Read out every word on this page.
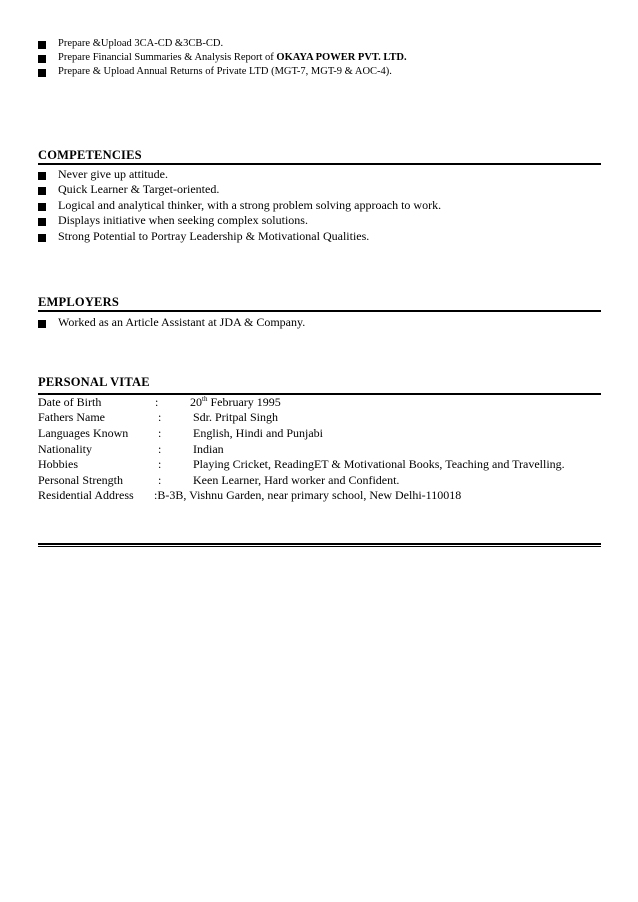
Prepare &Upload 3CA-CD &3CB-CD.
Prepare Financial Summaries & Analysis Report of OKAYA POWER PVT. LTD.
Prepare & Upload Annual Returns of Private LTD (MGT-7, MGT-9 & AOC-4).
COMPETENCIES
Never give up attitude.
Quick Learner & Target-oriented.
Logical and analytical thinker, with a strong problem solving approach to work.
Displays initiative when seeking complex solutions.
Strong Potential to Portray Leadership & Motivational Qualities.
EMPLOYERS
Worked as an Article Assistant at JDA & Company.
PERSONAL VITAE
Date of Birth	:	20th February 1995
Fathers Name	:	Sdr. Pritpal Singh
Languages Known :	English, Hindi and Punjabi
Nationality	:	Indian
Hobbies	:	Playing Cricket, ReadingET & Motivational Books, Teaching and Travelling.
Personal Strength	:	Keen Learner, Hard worker and Confident.
Residential Address :B-3B, Vishnu Garden, near primary school, New Delhi-110018
